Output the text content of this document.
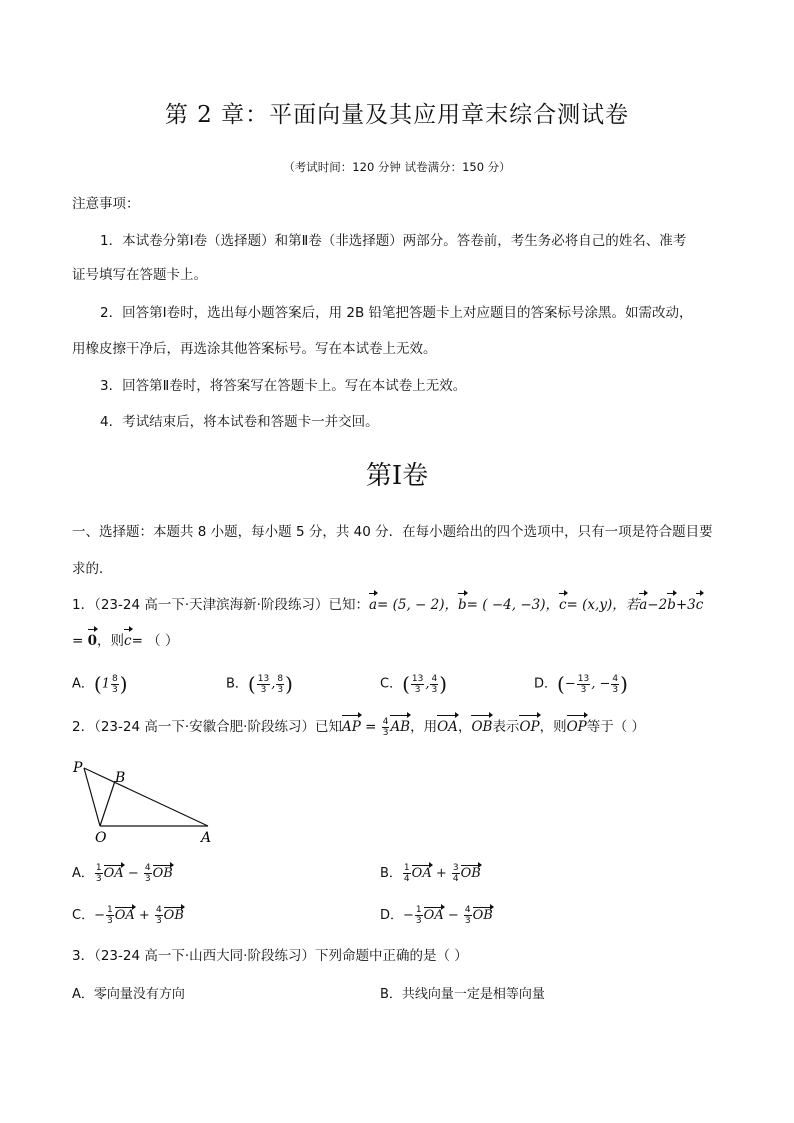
第 2 章：平面向量及其应用章末综合测试卷
（考试时间：120 分钟 试卷满分：150 分）
注意事项：
1．本试卷分第Ⅰ卷（选择题）和第Ⅱ卷（非选择题）两部分。答卷前，考生务必将自己的姓名、准考
证号填写在答题卡上。
2．回答第Ⅰ卷时，选出每小题答案后，用 2B 铅笔把答题卡上对应题目的答案标号涂黑。如需改动，
用橡皮擦干净后，再选涂其他答案标号。写在本试卷上无效。
3．回答第Ⅱ卷时，将答案写在答题卡上。写在本试卷上无效。
4．考试结束后，将本试卷和答题卡一并交回。
第Ⅰ卷
一、选择题：本题共 8 小题，每小题 5 分，共 40 分．在每小题给出的四个选项中，只有一项是符合题目要
求的．
1．（23-24 高一下·天津滨海新·阶段练习）已知：a= (5, − 2)，b= ( −4, −3)，c= (x,y)，若a−2b+3c
= 0，则c= （ ）
A．($1 \frac{8}{3}$ )	B．( $\frac{13}{3}$ , $\frac{8}{3}$ )	C．( $\frac{13}{3}$ , $\frac{4}{3}$ )	D．(− $\frac{13}{3}$ , − $\frac{4}{3}$ )
2．（23-24 高一下·安徽合肥·阶段练习）已知AP = $\frac{4}{3}$ AB，用OA，OB表示OP，则OP等于（ ）
P
B
O	A
A． $\frac{1}{3}$ OA − $\frac{4}{3}$ OB	B． $\frac{1}{4}$ OA + $\frac{3}{4}$ OB
C．− $\frac{1}{3}$ OA + $\frac{4}{3}$ OB	D．− $\frac{1}{3}$ OA − $\frac{4}{3}$ OB
3．（23-24 高一下·山西大同·阶段练习）下列命题中正确的是（ ）
A．零向量没有方向	B．共线向量一定是相等向量
